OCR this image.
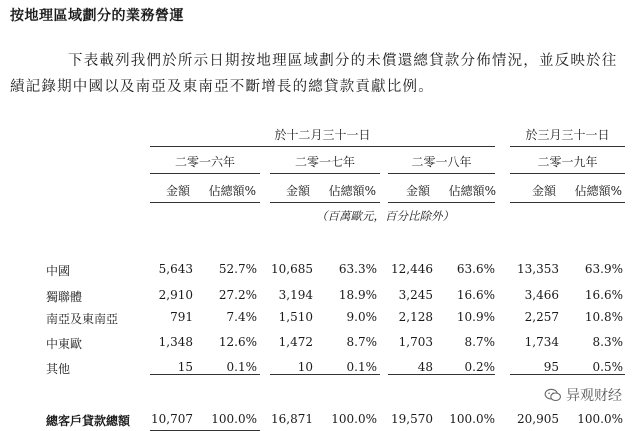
按地理區域劃分的業務營運
下表載列我們於所示日期按地理區域劃分的未償還總貸款分佈情況，並反映於往
績記錄期中國以及南亞及東南亞不斷增長的總貸款貢獻比例。
於十二月三十一日	於三月三十一日
二零一六年	二零一七年	二零一八年	二零一九年
金額	佔總額%	金額	佔總額%	金額	佔總額%	金額	佔總額%
（百萬歐元，百分比除外）
中國	5,643	52.7%	10,685	63.3%	12,446	63.6%	13,353	63.9%
獨聯體	2,910	27.2%	3,194	18.9%	3,245	16.6%	3,466	16.6%
南亞及東南亞	791	7.4%	1,510	9.0%	2,128	10.9%	2,257	10.8%
中東歐	1,348	12.6%	1,472	8.7%	1,703	8.7%	1,734	8.3%
其他	15	0.1%	10	0.1%	48	0.2%	95	0.5%
總客戶貸款總額	10,707	100.0%	16,871	100.0%	19,570	100.0%	20,905	100.0%
异观财经
